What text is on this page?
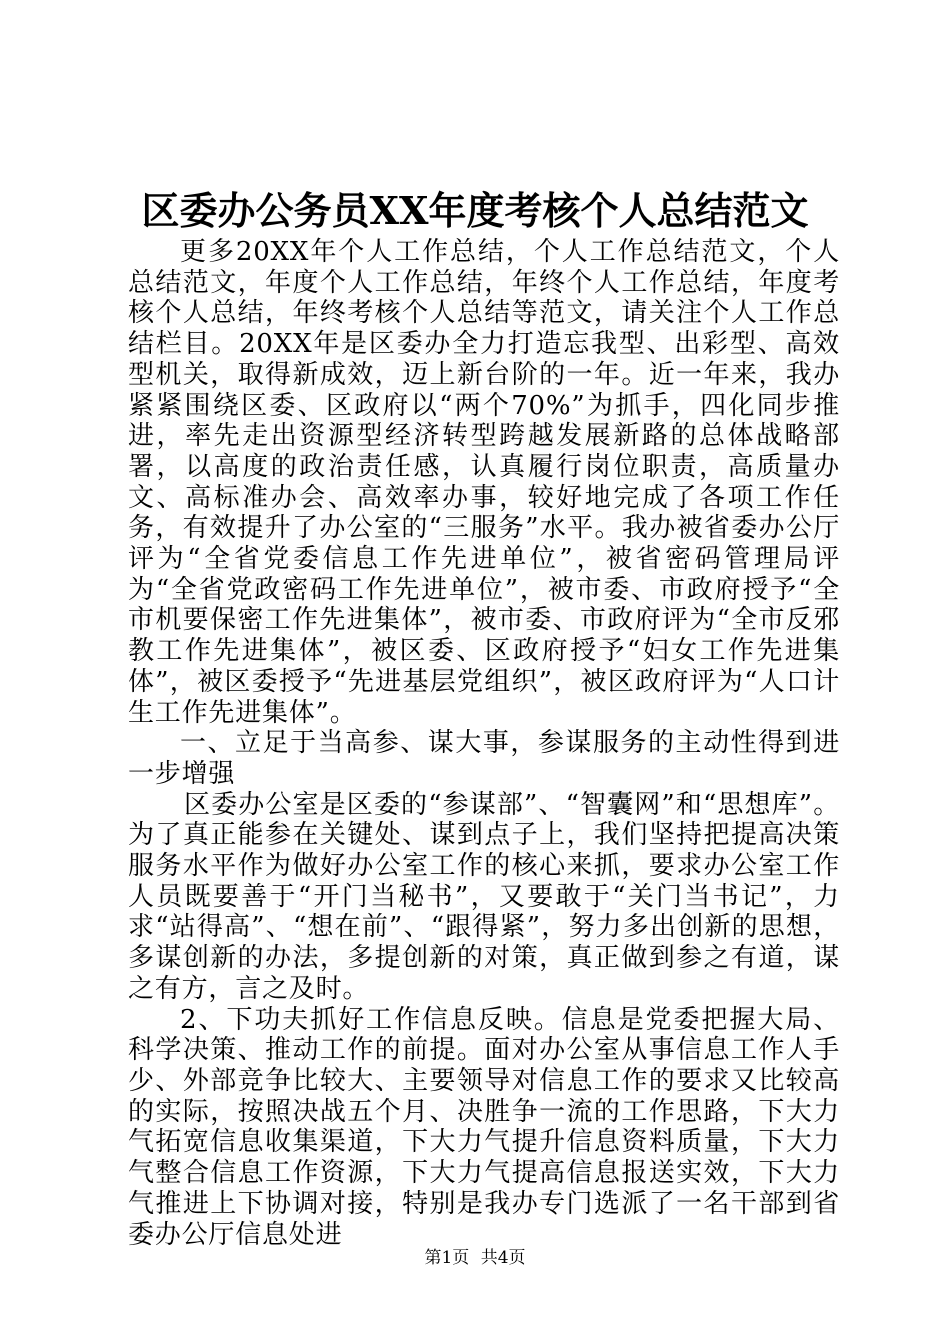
区委办公务员XX年度考核个人总结范文

更多20XX年个人工作总结，个人工作总结范文，个人总结范文，年度个人工作总结，年终个人工作总结，年度考核个人总结，年终考核个人总结等范文，请关注个人工作总结栏目。20XX年是区委办全力打造忘我型、出彩型、高效型机关，取得新成效，迈上新台阶的一年。近一年来，我办紧紧围绕区委、区政府以“两个70%”为抓手，四化同步推进，率先走出资源型经济转型跨越发展新路的总体战略部署，以高度的政治责任感，认真履行岗位职责，高质量办文、高标准办会、高效率办事，较好地完成了各项工作任务，有效提升了办公室的“三服务”水平。我办被省委办公厅评为“全省党委信息工作先进单位”，被省密码管理局评为“全省党政密码工作先进单位”，被市委、市政府授予“全市机要保密工作先进集体”，被市委、市政府评为“全市反邪教工作先进集体”，被区委、区政府授予“妇女工作先进集体”，被区委授予“先进基层党组织”，被区政府评为“人口计生工作先进集体”。

一、立足于当高参、谋大事，参谋服务的主动性得到进一步增强

区委办公室是区委的“参谋部”、“智囊网”和“思想库”。为了真正能参在关键处、谋到点子上，我们坚持把提高决策服务水平作为做好办公室工作的核心来抓，要求办公室工作人员既要善于“开门当秘书”，又要敢于“关门当书记”，力求“站得高”、“想在前”、“跟得紧”，努力多出创新的思想，多谋创新的办法，多提创新的对策，真正做到参之有道，谋之有方，言之及时。

2、下功夫抓好工作信息反映。信息是党委把握大局、科学决策、推动工作的前提。面对办公室从事信息工作人手少、外部竞争比较大、主要领导对信息工作的要求又比较高的实际，按照决战五个月、决胜争一流的工作思路，下大力气拓宽信息收集渠道，下大力气提升信息资料质量，下大力气整合信息工作资源，下大力气提高信息报送实效，下大力气推进上下协调对接，特别是我办专门选派了一名干部到省委办公厅信息处进

第1页 共4页
